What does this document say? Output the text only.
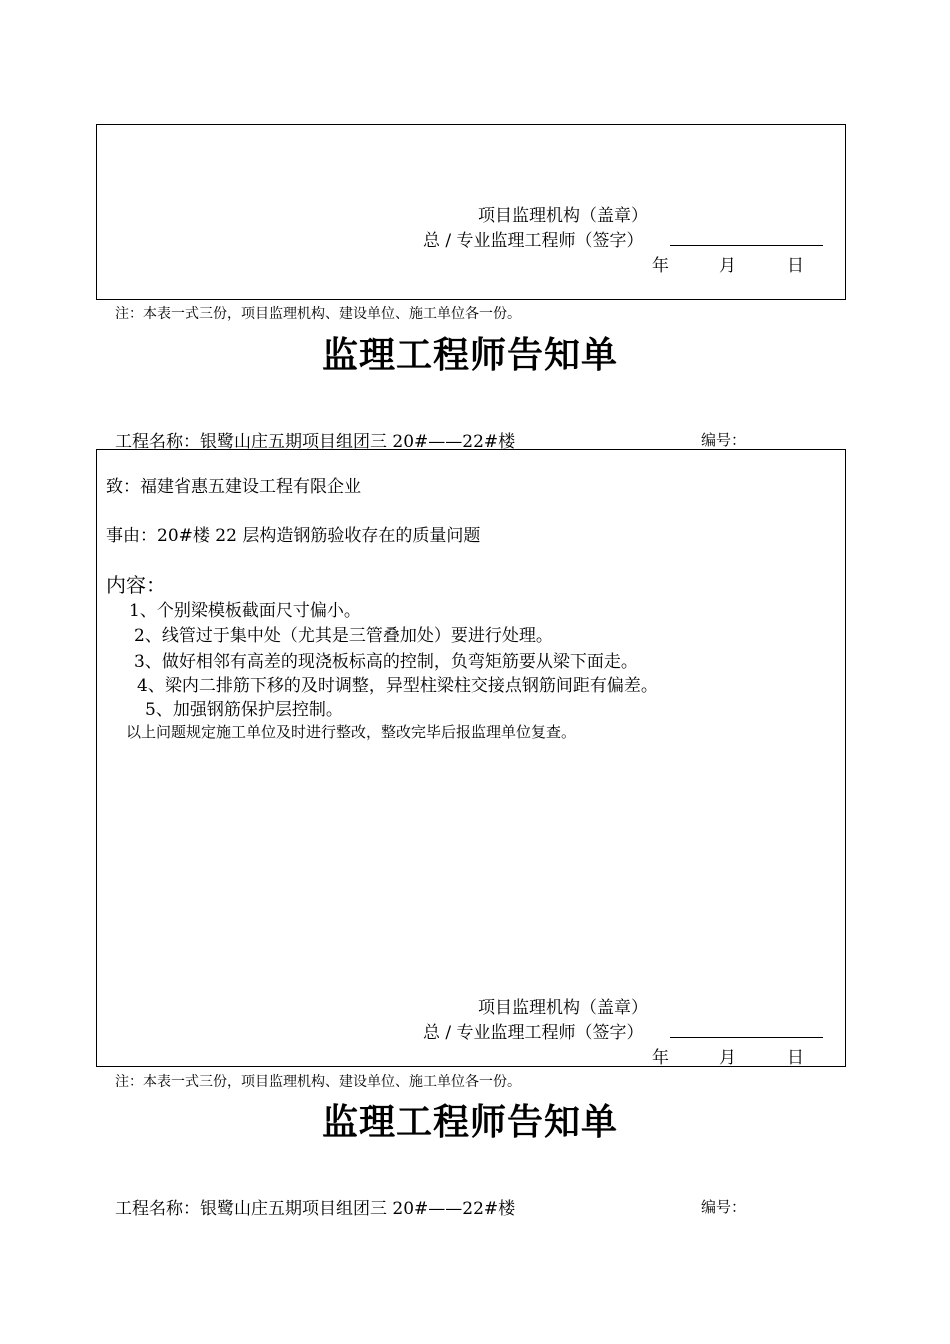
项目监理机构（盖章）
总 / 专业监理工程师（签字）
年	月	日
注：本表一式三份，项目监理机构、建设单位、施工单位各一份。
监理工程师告知单
工程名称：银鹭山庄五期项目组团三 20#——22#楼	编号：
致：福建省惠五建设工程有限企业
事由：20#楼 22 层构造钢筋验收存在的质量问题
内容：
1、个别梁模板截面尺寸偏小。
2、线管过于集中处（尤其是三管叠加处）要进行处理。
3、做好相邻有高差的现浇板标高的控制，负弯矩筋要从梁下面走。
4、梁内二排筋下移的及时调整，异型柱梁柱交接点钢筋间距有偏差。
5、加强钢筋保护层控制。
以上问题规定施工单位及时进行整改，整改完毕后报监理单位复查。
项目监理机构（盖章）
总 / 专业监理工程师（签字）
年	月	日
注：本表一式三份，项目监理机构、建设单位、施工单位各一份。
监理工程师告知单
工程名称：银鹭山庄五期项目组团三 20#——22#楼	编号：
